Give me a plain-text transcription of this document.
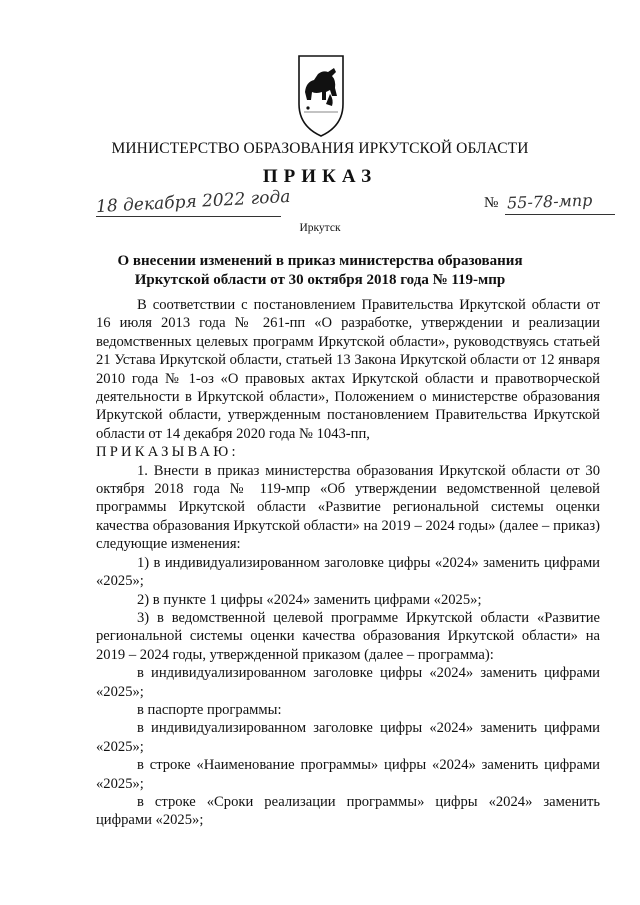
МИНИСТЕРСТВО ОБРАЗОВАНИЯ ИРКУТСКОЙ ОБЛАСТИ
ПРИКАЗ
18 декабря 2022 года	№ 55-78-мпр
Иркутск
О внесении изменений в приказ министерства образования
Иркутской области от 30 октября 2018 года № 119-мпр

В соответствии с постановлением Правительства Иркутской области от 16 июля 2013 года № 261-пп «О разработке, утверждении и реализации ведомственных целевых программ Иркутской области», руководствуясь статьей 21 Устава Иркутской области, статьей 13 Закона Иркутской области от 12 января 2010 года № 1-оз «О правовых актах Иркутской области и правотворческой деятельности в Иркутской области», Положением о министерстве образования Иркутской области, утвержденным постановлением Правительства Иркутской области от 14 декабря 2020 года № 1043-пп,

ПРИКАЗЫВАЮ:

1. Внести в приказ министерства образования Иркутской области от 30 октября 2018 года № 119-мпр «Об утверждении ведомственной целевой программы Иркутской области «Развитие региональной системы оценки качества образования Иркутской области» на 2019 – 2024 годы» (далее – приказ) следующие изменения:

1) в индивидуализированном заголовке цифры «2024» заменить цифрами «2025»;

2) в пункте 1 цифры «2024» заменить цифрами «2025»;

3) в ведомственной целевой программе Иркутской области «Развитие региональной системы оценки качества образования Иркутской области» на 2019 – 2024 годы, утвержденной приказом (далее – программа):

в индивидуализированном заголовке цифры «2024» заменить цифрами «2025»;

в паспорте программы:

в индивидуализированном заголовке цифры «2024» заменить цифрами «2025»;

в строке «Наименование программы» цифры «2024» заменить цифрами «2025»;

в строке «Сроки реализации программы» цифры «2024» заменить цифрами «2025»;
